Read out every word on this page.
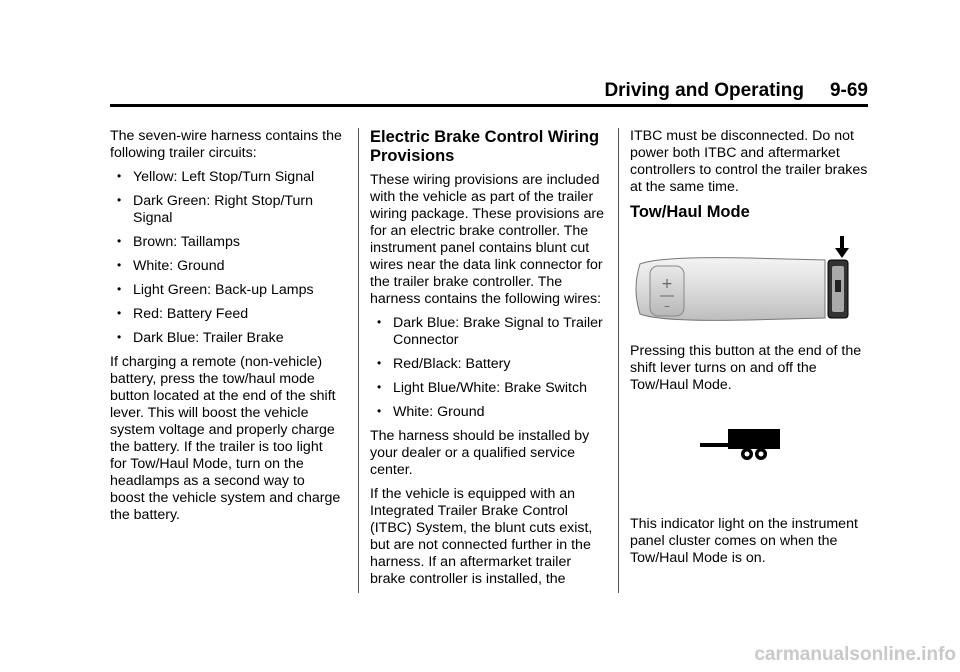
Driving and Operating 9-69

The seven-wire harness contains the following trailer circuits:

• Yellow: Left Stop/Turn Signal
• Dark Green: Right Stop/Turn Signal
• Brown: Taillamps
• White: Ground
• Light Green: Back-up Lamps
• Red: Battery Feed
• Dark Blue: Trailer Brake

If charging a remote (non-vehicle) battery, press the tow/haul mode button located at the end of the shift lever. This will boost the vehicle system voltage and properly charge the battery. If the trailer is too light for Tow/Haul Mode, turn on the headlamps as a second way to boost the vehicle system and charge the battery.

Electric Brake Control Wiring Provisions

These wiring provisions are included with the vehicle as part of the trailer wiring package. These provisions are for an electric brake controller. The instrument panel contains blunt cut wires near the data link connector for the trailer brake controller. The harness contains the following wires:

• Dark Blue: Brake Signal to Trailer Connector
• Red/Black: Battery
• Light Blue/White: Brake Switch
• White: Ground

The harness should be installed by your dealer or a qualified service center.

If the vehicle is equipped with an Integrated Trailer Brake Control (ITBC) System, the blunt cuts exist, but are not connected further in the harness. If an aftermarket trailer brake controller is installed, the

ITBC must be disconnected. Do not power both ITBC and aftermarket controllers to control the trailer brakes at the same time.

Tow/Haul Mode
+
–

Pressing this button at the end of the shift lever turns on and off the Tow/Haul Mode.

This indicator light on the instrument panel cluster comes on when the Tow/Haul Mode is on.

carmanualsonline.info
